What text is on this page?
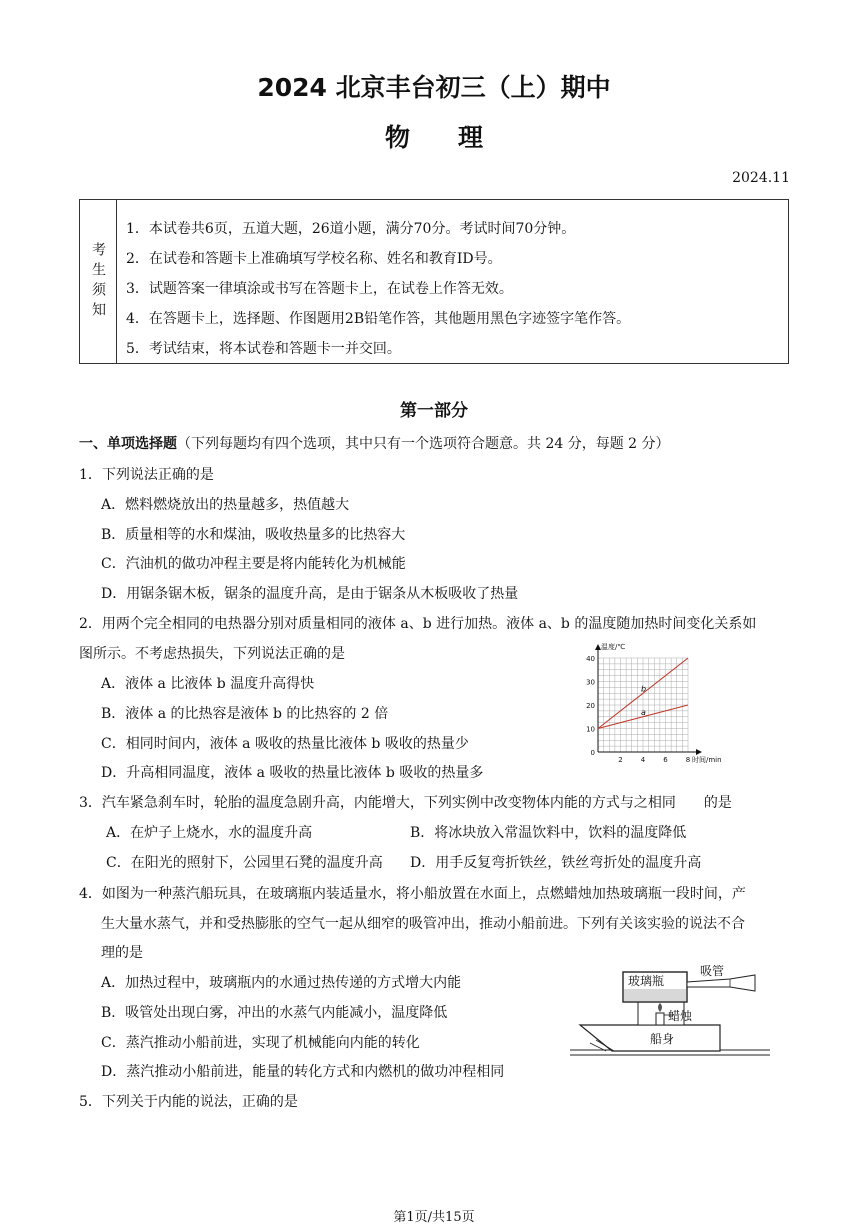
2024 北京丰台初三（上）期中
物理
2024.11
考生须知
1．本试卷共6页，五道大题，26道小题，满分70分。考试时间70分钟。
2．在试卷和答题卡上准确填写学校名称、姓名和教育ID号。
3．试题答案一律填涂或书写在答题卡上，在试卷上作答无效。
4．在答题卡上，选择题、作图题用2B铅笔作答，其他题用黑色字迹签字笔作答。
5．考试结束，将本试卷和答题卡一并交回。
第一部分
一、单项选择题（下列每题均有四个选项，其中只有一个选项符合题意。共 24 分，每题 2 分）
1．下列说法正确的是
A．燃料燃烧放出的热量越多，热值越大
B．质量相等的水和煤油，吸收热量多的比热容大
C．汽油机的做功冲程主要是将内能转化为机械能
D．用锯条锯木板，锯条的温度升高，是由于锯条从木板吸收了热量
2．用两个完全相同的电热器分别对质量相同的液体 a、b 进行加热。液体 a、b 的温度随加热时间变化关系如
图所示。不考虑热损失，下列说法正确的是
A．液体 a 比液体 b 温度升高得快
B．液体 a 的比热容是液体 b 的比热容的 2 倍
C．相同时间内，液体 a 吸收的热量比液体 b 吸收的热量少
D．升高相同温度，液体 a 吸收的热量比液体 b 吸收的热量多
0
10
20
30
40
2	4	6	8
温度/℃
时间/min
b
a
3．汽车紧急刹车时，轮胎的温度急剧升高，内能增大，下列实例中改变物体内能的方式与之相同　　的是
A．在炉子上烧水，水的温度升高	B．将冰块放入常温饮料中，饮料的温度降低
C．在阳光的照射下，公园里石凳的温度升高 D．用手反复弯折铁丝，铁丝弯折处的温度升高
4．如图为一种蒸汽船玩具，在玻璃瓶内装适量水，将小船放置在水面上，点燃蜡烛加热玻璃瓶一段时间，产
生大量水蒸气，并和受热膨胀的空气一起从细窄的吸管冲出，推动小船前进。下列有关该实验的说法不合
理的是
A．加热过程中，玻璃瓶内的水通过热传递的方式增大内能
B．吸管处出现白雾，冲出的水蒸气内能减小，温度降低
C．蒸汽推动小船前进，实现了机械能向内能的转化
D．蒸汽推动小船前进，能量的转化方式和内燃机的做功冲程相同
船身
蜡烛
玻璃瓶
吸管
5．下列关于内能的说法，正确的是
第1页/共15页
